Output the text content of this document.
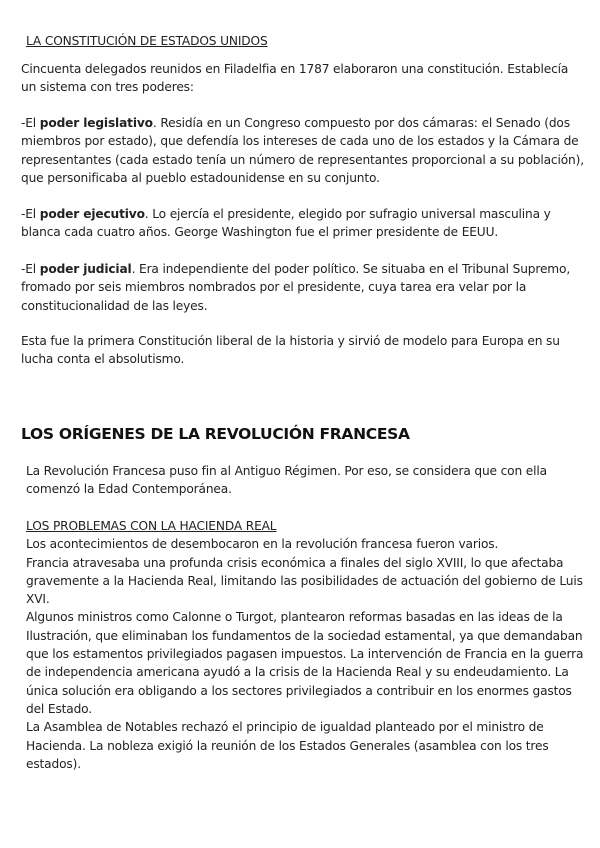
LA CONSTITUCIÓN DE ESTADOS UNIDOS

Cincuenta delegados reunidos en Filadelfia en 1787 elaboraron una constitución. Establecía un sistema con tres poderes:

-El poder legislativo. Residía en un Congreso compuesto por dos cámaras: el Senado (dos miembros por estado), que defendía los intereses de cada uno de los estados y la Cámara de representantes (cada estado tenía un número de representantes proporcional a su población), que personificaba al pueblo estadounidense en su conjunto.

-El poder ejecutivo. Lo ejercía el presidente, elegido por sufragio universal masculina y blanca cada cuatro años. George Washington fue el primer presidente de EEUU.

-El poder judicial. Era independiente del poder político. Se situaba en el Tribunal Supremo, fromado por seis miembros nombrados por el presidente, cuya tarea era velar por la constitucionalidad de las leyes.

Esta fue la primera Constitución liberal de la historia y sirvió de modelo para Europa en su lucha conta el absolutismo.

LOS ORÍGENES DE LA REVOLUCIÓN FRANCESA

La Revolución Francesa puso fin al Antiguo Régimen. Por eso, se considera que con ella comenzó la Edad Contemporánea.

LOS PROBLEMAS CON LA HACIENDA REAL

Los acontecimientos de desembocaron en la revolución francesa fueron varios.

Francia atravesaba una profunda crisis económica a finales del siglo XVIII, lo que afectaba gravemente a la Hacienda Real, limitando las posibilidades de actuación del gobierno de Luis XVI.

Algunos ministros como Calonne o Turgot, plantearon reformas basadas en las ideas de la Ilustración, que eliminaban los fundamentos de la sociedad estamental, ya que demandaban que los estamentos privilegiados pagasen impuestos. La intervención de Francia en la guerra de independencia americana ayudó a la crisis de la Hacienda Real y su endeudamiento. La única solución era obligando a los sectores privilegiados a contribuir en los enormes gastos del Estado.

La Asamblea de Notables rechazó el principio de igualdad planteado por el ministro de Hacienda. La nobleza exigió la reunión de los Estados Generales (asamblea con los tres estados).
